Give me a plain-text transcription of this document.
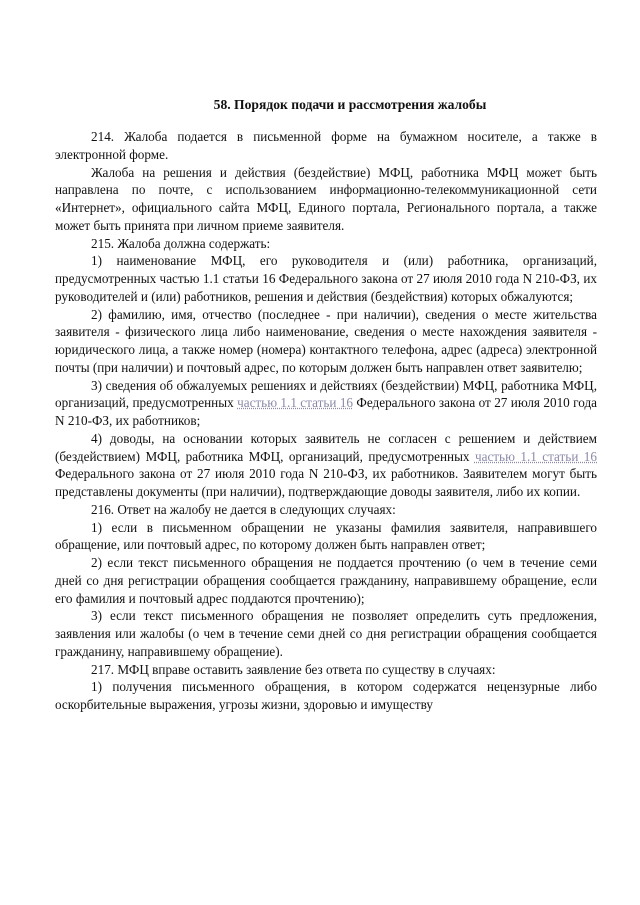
58. Порядок подачи и рассмотрения жалобы

214. Жалоба подается в письменной форме на бумажном носителе, а также в электронной форме.

Жалоба на решения и действия (бездействие) МФЦ, работника МФЦ может быть направлена по почте, с использованием информационно-телекоммуникационной сети «Интернет», официального сайта МФЦ, Единого портала, Регионального портала, а также может быть принята при личном приеме заявителя.

215. Жалоба должна содержать:

1) наименование МФЦ, его руководителя и (или) работника, организаций, предусмотренных частью 1.1 статьи 16 Федерального закона от 27 июля 2010 года N 210-ФЗ, их руководителей и (или) работников, решения и действия (бездействия) которых обжалуются;

2) фамилию, имя, отчество (последнее - при наличии), сведения о месте жительства заявителя - физического лица либо наименование, сведения о месте нахождения заявителя - юридического лица, а также номер (номера) контактного телефона, адрес (адреса) электронной почты (при наличии) и почтовый адрес, по которым должен быть направлен ответ заявителю;

3) сведения об обжалуемых решениях и действиях (бездействии) МФЦ, работника МФЦ, организаций, предусмотренных частью 1.1 статьи 16 Федерального закона от 27 июля 2010 года N 210-ФЗ, их работников;

4) доводы, на основании которых заявитель не согласен с решением и действием (бездействием) МФЦ, работника МФЦ, организаций, предусмотренных частью 1.1 статьи 16 Федерального закона от 27 июля 2010 года N 210-ФЗ, их работников. Заявителем могут быть представлены документы (при наличии), подтверждающие доводы заявителя, либо их копии.

216. Ответ на жалобу не дается в следующих случаях:

1) если в письменном обращении не указаны фамилия заявителя, направившего обращение, или почтовый адрес, по которому должен быть направлен ответ;

2) если текст письменного обращения не поддается прочтению (о чем в течение семи дней со дня регистрации обращения сообщается гражданину, направившему обращение, если его фамилия и почтовый адрес поддаются прочтению);

3) если текст письменного обращения не позволяет определить суть предложения, заявления или жалобы (о чем в течение семи дней со дня регистрации обращения сообщается гражданину, направившему обращение).

217. МФЦ вправе оставить заявление без ответа по существу в случаях:

1) получения письменного обращения, в котором содержатся нецензурные либо оскорбительные выражения, угрозы жизни, здоровью и имуществу
